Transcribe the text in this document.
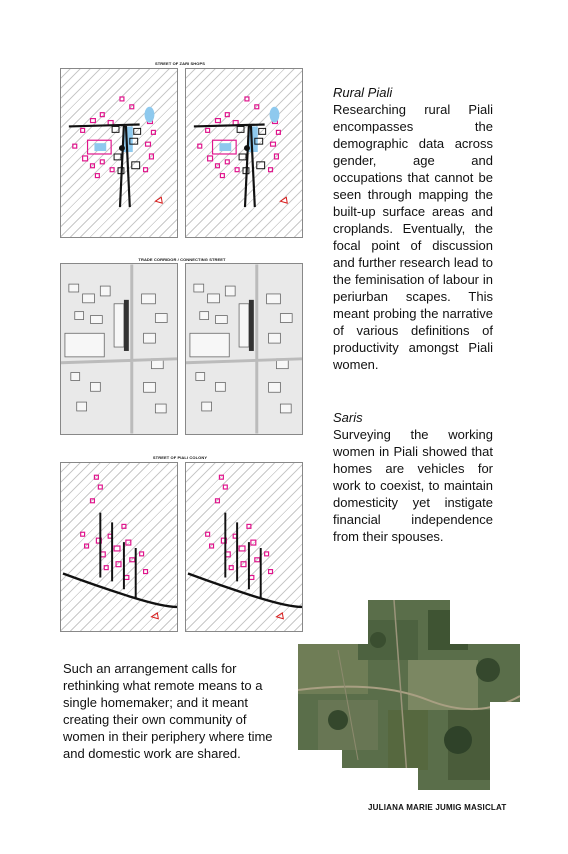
STREET OF ZARI SHOPS
TRADE CORRIDOR / CONNECTING STREET
STREET OF PIALI COLONY
Rural Piali
Researching rural Piali encompasses the demographic data across gender, age and occupations that cannot be seen through mapping the built-up surface areas and croplands. Eventually, the focal point of discussion and further research lead to the feminisation of labour in periurban scapes. This meant probing the narrative of various definitions of productivity amongst Piali women.
Saris
Surveying the working women in Piali showed that homes are vehicles for work to coexist, to maintain domesticity yet instigate financial independence from their spouses.
Such an arrangement calls for rethinking what remote means to a single homemaker; and it meant creating their own community of women in their periphery where time and domestic work are shared.
JULIANA MARIE JUMIG MASICLAT
